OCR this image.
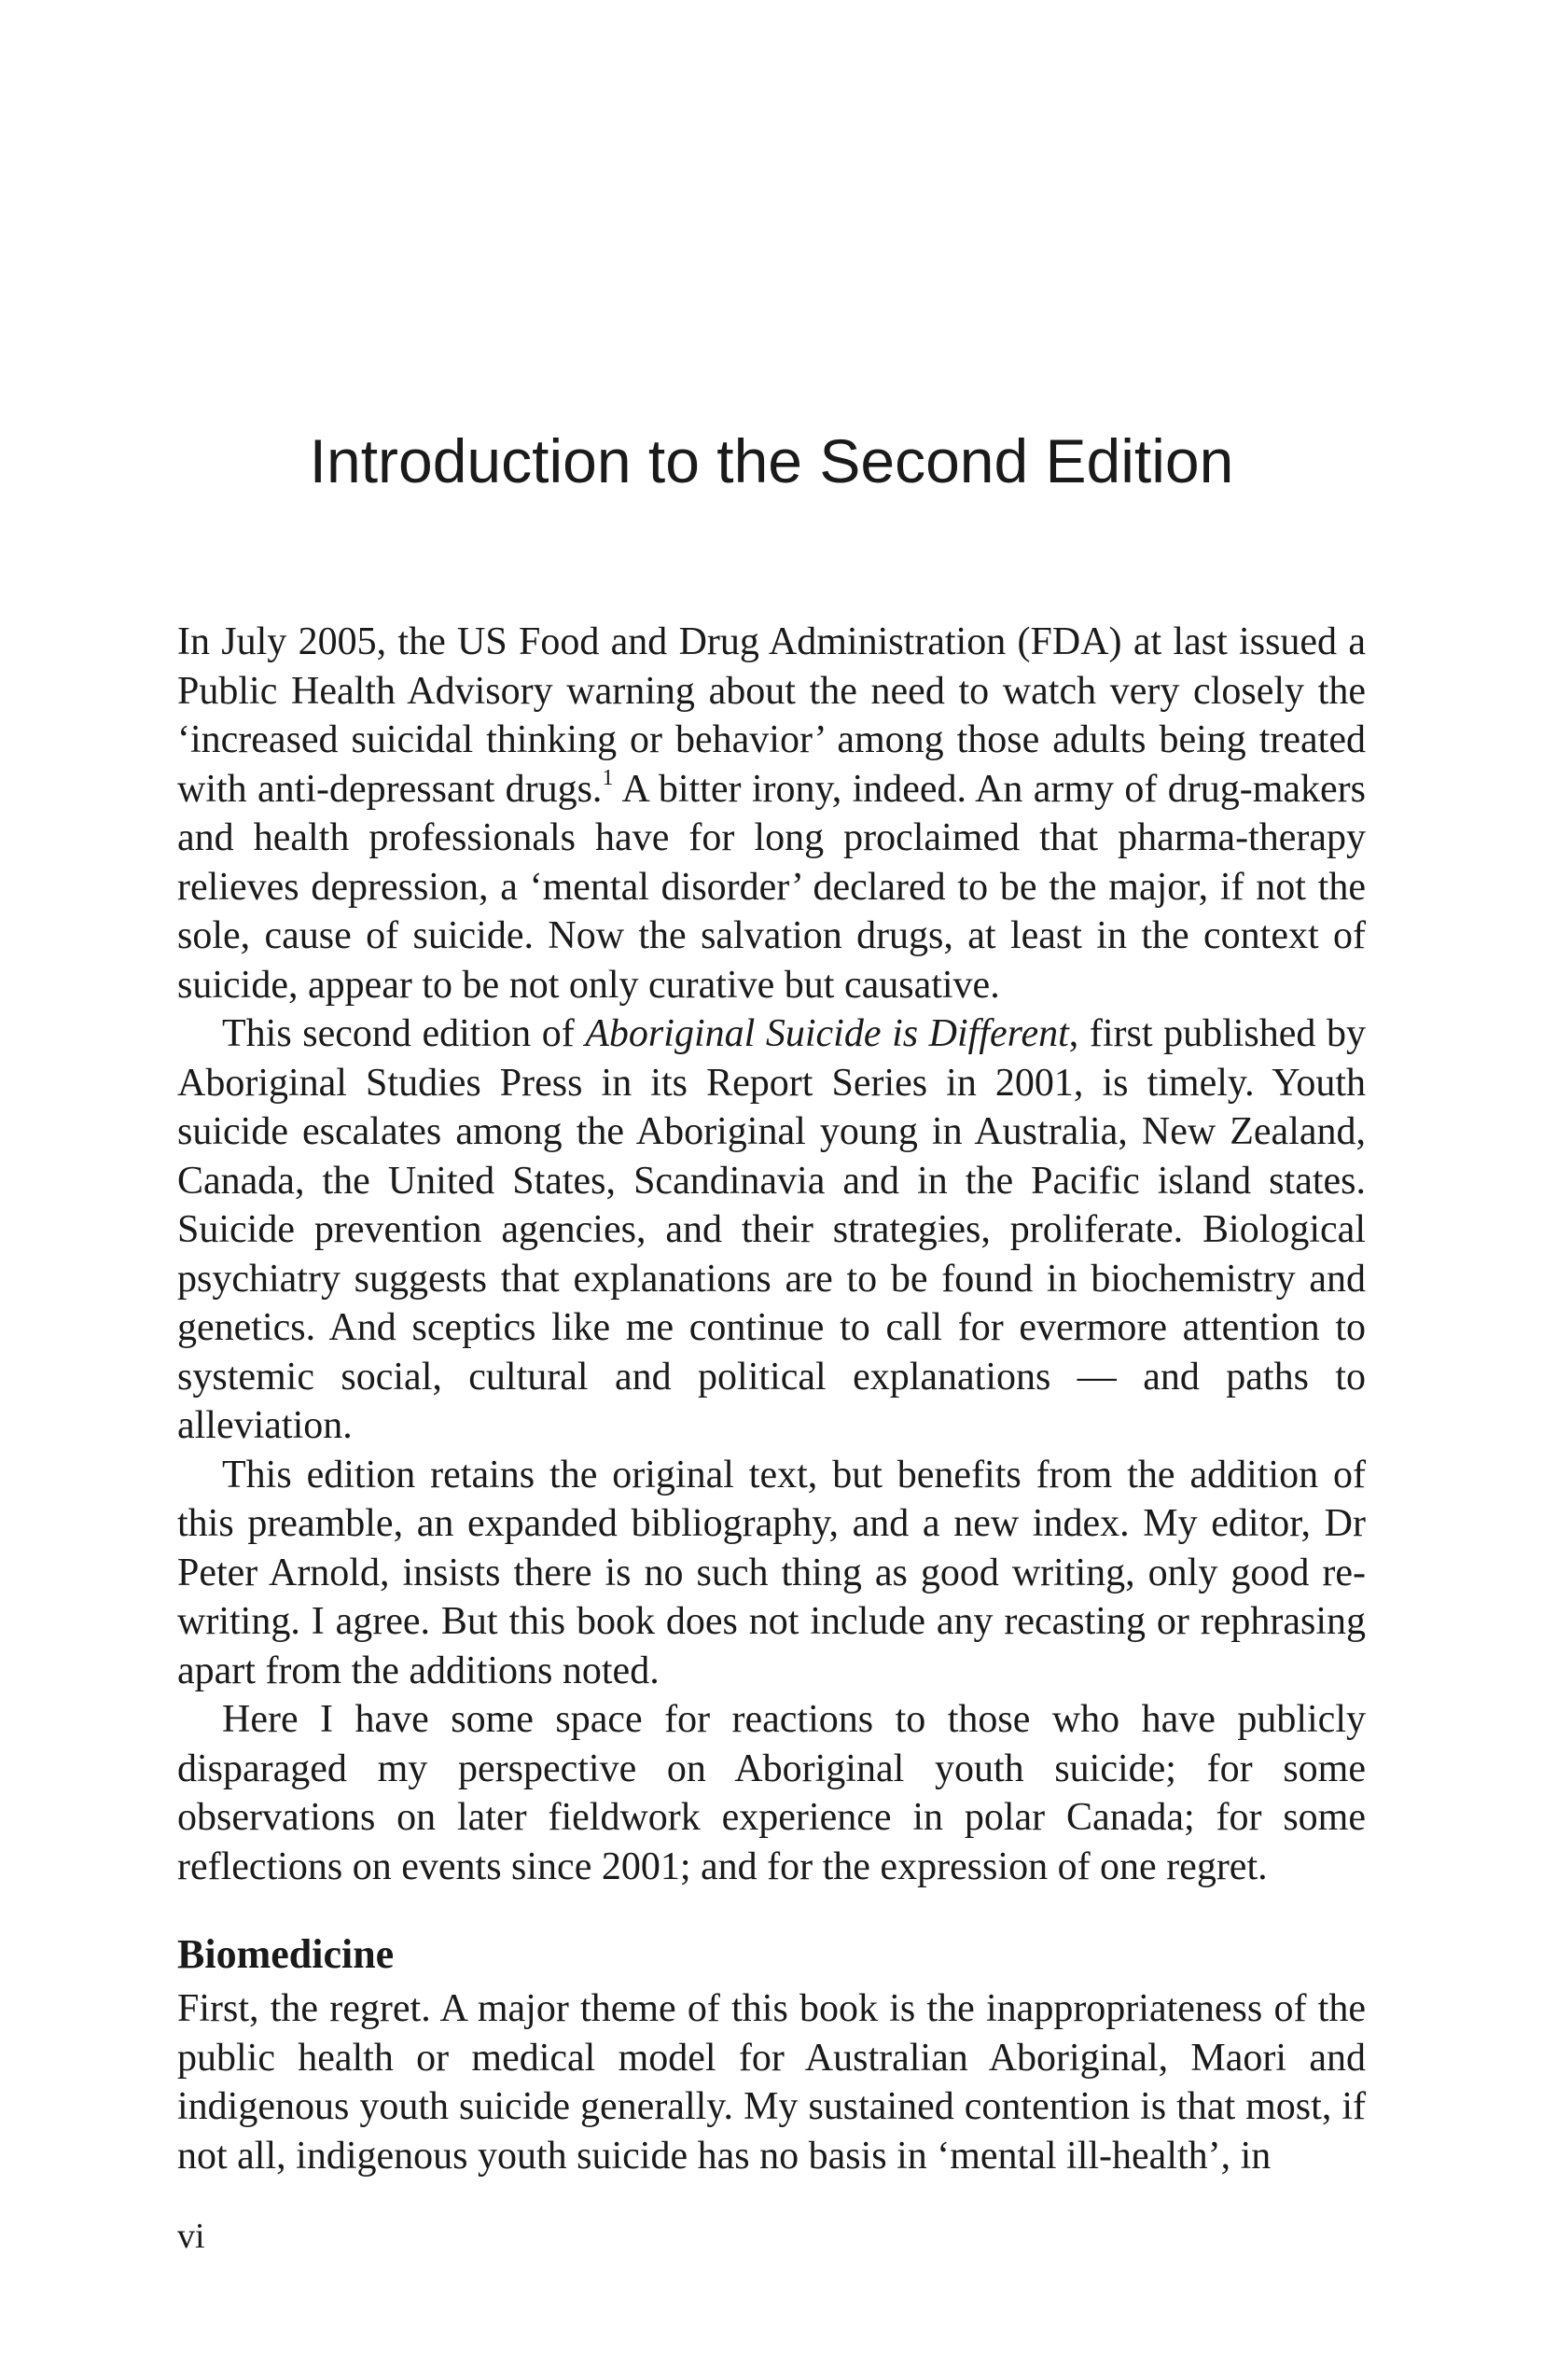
Introduction to the Second Edition

In July 2005, the US Food and Drug Administration (FDA) at last issued a Public Health Advisory warning about the need to watch very closely the ‘increased suicidal thinking or behavior’ among those adults being treated with anti-depressant drugs.$^1$ A bitter irony, indeed. An army of drug-makers and health professionals have for long proclaimed that pharma-therapy relieves depression, a ‘mental disorder’ declared to be the major, if not the sole, cause of suicide. Now the salvation drugs, at least in the context of suicide, appear to be not only curative but causative.

This second edition of Aboriginal Suicide is Different, first published by Aboriginal Studies Press in its Report Series in 2001, is timely. Youth suicide escalates among the Aboriginal young in Australia, New Zealand, Canada, the United States, Scandinavia and in the Pacific island states. Suicide prevention agencies, and their strategies, proliferate. Biological psychiatry suggests that explanations are to be found in biochemistry and genetics. And sceptics like me continue to call for evermore attention to systemic social, cultural and political explanations — and paths to alleviation.

This edition retains the original text, but benefits from the addition of this preamble, an expanded bibliography, and a new index. My editor, Dr Peter Arnold, insists there is no such thing as good writing, only good re-writing. I agree. But this book does not include any recasting or rephrasing apart from the additions noted.

Here I have some space for reactions to those who have publicly disparaged my perspective on Aboriginal youth suicide; for some observations on later fieldwork experience in polar Canada; for some reflections on events since 2001; and for the expression of one regret.

Biomedicine

First, the regret. A major theme of this book is the inappropriateness of the public health or medical model for Australian Aboriginal, Maori and indigenous youth suicide generally. My sustained contention is that most, if not all, indigenous youth suicide has no basis in ‘mental ill-health’, in

vi
